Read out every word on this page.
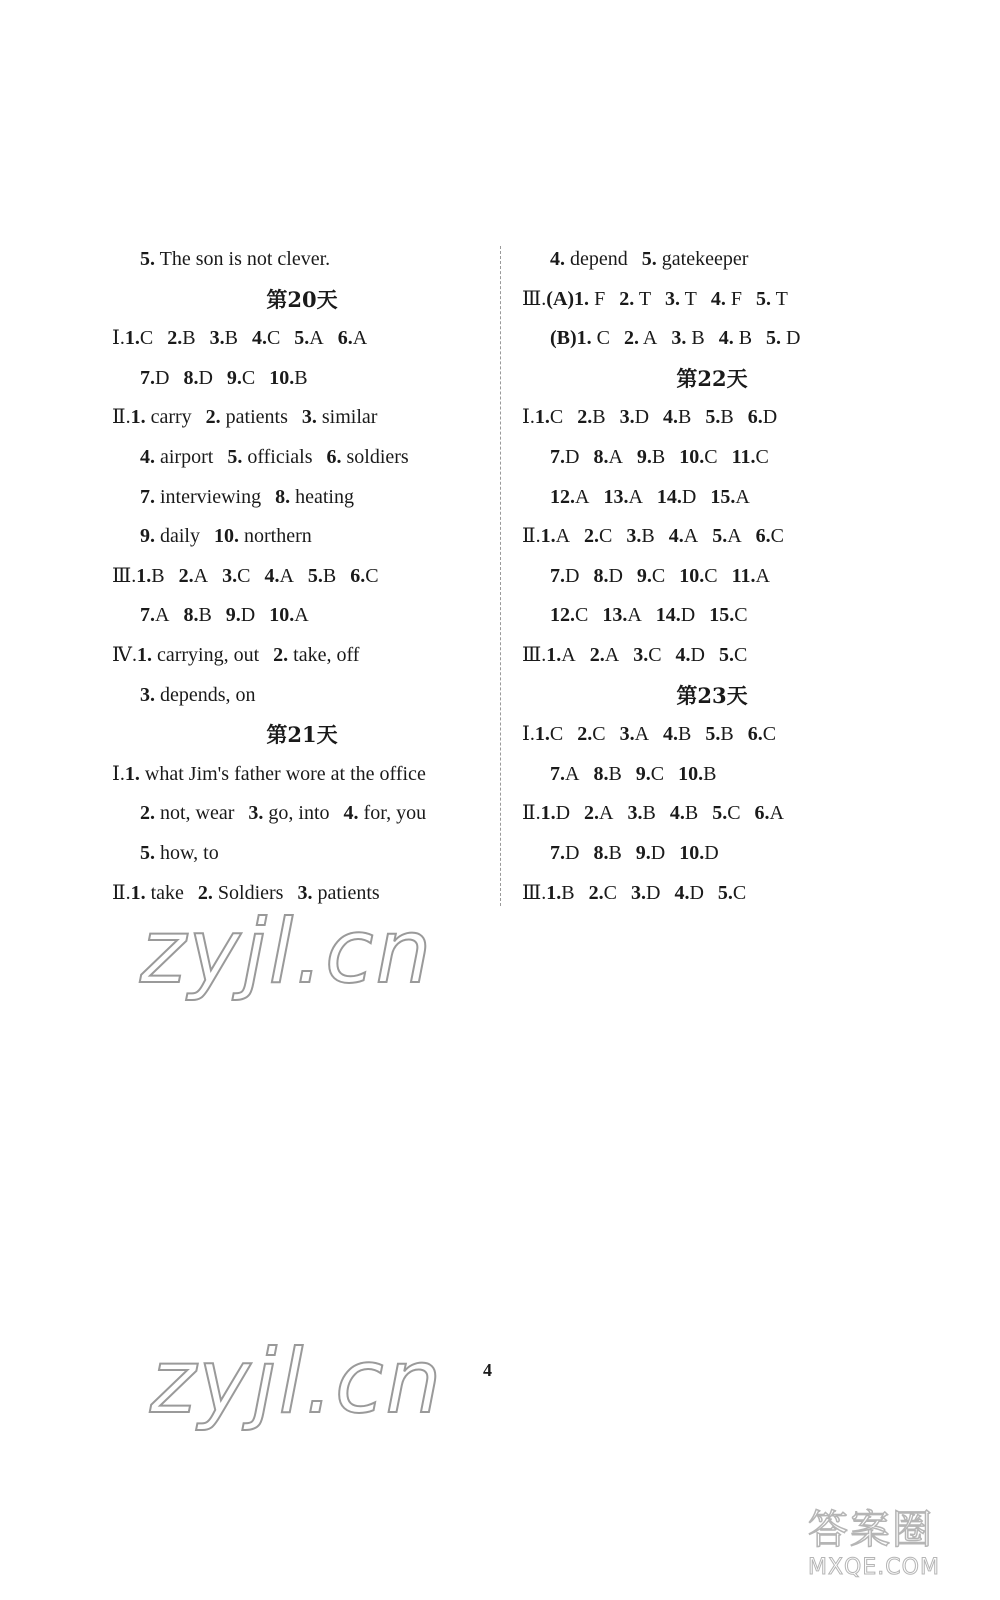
5. The son is not clever.
第20天
Ⅰ.1.C 2.B 3.B 4.C 5.A 6.A
7.D 8.D 9.C 10.B
Ⅱ.1. carry 2. patients 3. similar
4. airport 5. officials 6. soldiers
7. interviewing 8. heating
9. daily 10. northern
Ⅲ.1.B 2.A 3.C 4.A 5.B 6.C
7.A 8.B 9.D 10.A
Ⅳ.1. carrying, out 2. take, off
3. depends, on
第21天
Ⅰ.1. what Jim's father wore at the office
2. not, wear 3. go, into 4. for, you
5. how, to
Ⅱ.1. take 2. Soldiers 3. patients
4. depend 5. gatekeeper
Ⅲ.(A)1. F 2. T 3. T 4. F 5. T
(B)1. C 2. A 3. B 4. B 5. D
第22天
Ⅰ.1.C 2.B 3.D 4.B 5.B 6.D
7.D 8.A 9.B 10.C 11.C
12.A 13.A 14.D 15.A
Ⅱ.1.A 2.C 3.B 4.A 5.A 6.C
7.D 8.D 9.C 10.C 11.A
12.C 13.A 14.D 15.C
Ⅲ.1.A 2.A 3.C 4.D 5.C
第23天
Ⅰ.1.C 2.C 3.A 4.B 5.B 6.C
7.A 8.B 9.C 10.B
Ⅱ.1.D 2.A 3.B 4.B 5.C 6.A
7.D 8.B 9.D 10.D
Ⅲ.1.B 2.C 3.D 4.D 5.C
zyjl.cn
zyjl.cn 4
答案圈
MXQE.COM
